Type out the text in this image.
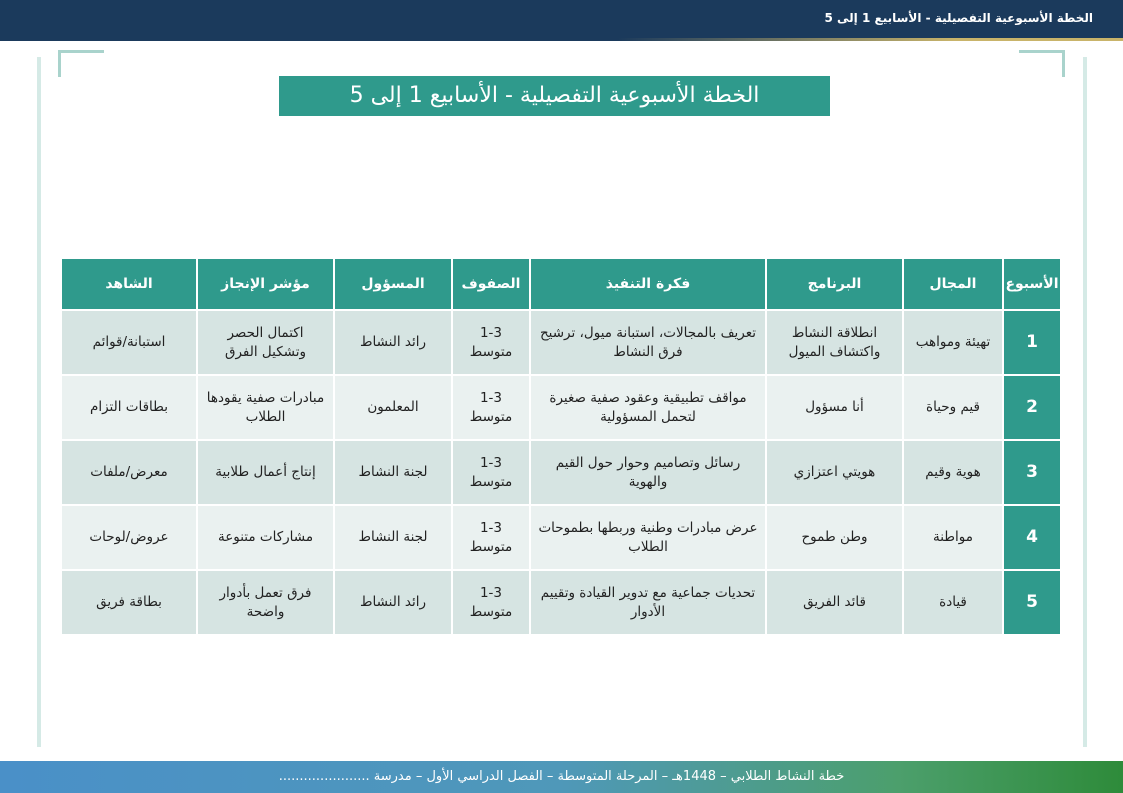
الخطة الأسبوعية التفصيلية - الأسابيع 1 إلى 5
الخطة الأسبوعية التفصيلية - الأسابيع 1 إلى 5
الأسبوع	المجال	البرنامج	فكرة التنفيذ	الصفوف	المسؤول	مؤشر الإنجاز	الشاهد
1	تهيئة ومواهب	انطلاقة النشاط واكتشاف الميول	تعريف بالمجالات، استبانة ميول، ترشيح فرق النشاط	1-3 متوسط	رائد النشاط	اكتمال الحصر وتشكيل الفرق	استبانة/قوائم
2	قيم وحياة	أنا مسؤول	مواقف تطبيقية وعقود صفية صغيرة لتحمل المسؤولية	1-3 متوسط	المعلمون	مبادرات صفية يقودها الطلاب	بطاقات التزام
3	هوية وقيم	هويتي اعتزازي	رسائل وتصاميم وحوار حول القيم والهوية	1-3 متوسط	لجنة النشاط	إنتاج أعمال طلابية	معرض/ملفات
4	مواطنة	وطن طموح	عرض مبادرات وطنية وربطها بطموحات الطلاب	1-3 متوسط	لجنة النشاط	مشاركات متنوعة	عروض/لوحات
5	قيادة	قائد الفريق	تحديات جماعية مع تدوير القيادة وتقييم الأدوار	1-3 متوسط	رائد النشاط	فرق تعمل بأدوار واضحة	بطاقة فريق
خطة النشاط الطلابي – 1448هـ – المرحلة المتوسطة – الفصل الدراسي الأول – مدرسة ......................
